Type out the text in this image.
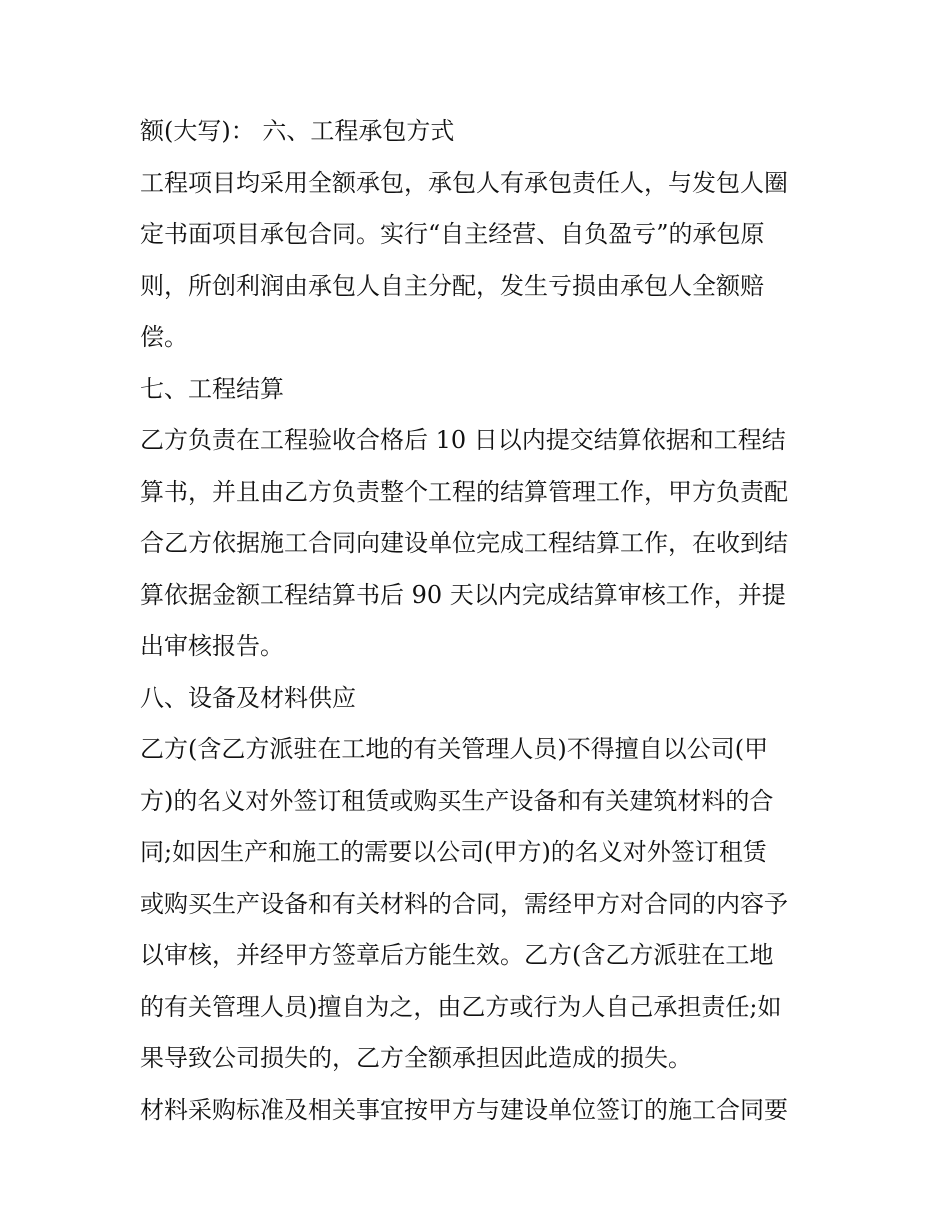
额(大写)： 六、工程承包方式
工程项目均采用全额承包，承包人有承包责任人，与发包人圈
定书面项目承包合同。实行“自主经营、自负盈亏”的承包原
则，所创利润由承包人自主分配，发生亏损由承包人全额赔
偿。
七、工程结算
乙方负责在工程验收合格后 10 日以内提交结算依据和工程结
算书，并且由乙方负责整个工程的结算管理工作，甲方负责配
合乙方依据施工合同向建设单位完成工程结算工作，在收到结
算依据金额工程结算书后 90 天以内完成结算审核工作，并提
出审核报告。
八、设备及材料供应
乙方(含乙方派驻在工地的有关管理人员)不得擅自以公司(甲
方)的名义对外签订租赁或购买生产设备和有关建筑材料的合
同;如因生产和施工的需要以公司(甲方)的名义对外签订租赁
或购买生产设备和有关材料的合同，需经甲方对合同的内容予
以审核，并经甲方签章后方能生效。乙方(含乙方派驻在工地
的有关管理人员)擅自为之，由乙方或行为人自己承担责任;如
果导致公司损失的，乙方全额承担因此造成的损失。
材料采购标准及相关事宜按甲方与建设单位签订的施工合同要
